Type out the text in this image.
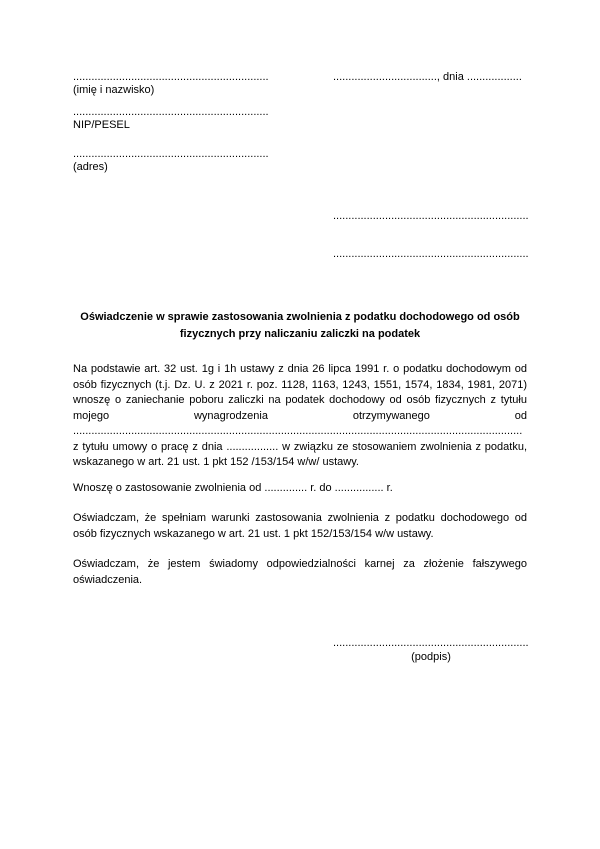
................................................................
(imię i nazwisko)
................................................................
NIP/PESEL
................................................................
(adres)
.................................., dnia ..................
................................................................
................................................................
Oświadczenie w sprawie zastosowania zwolnienia z podatku dochodowego od osób fizycznych przy naliczaniu zaliczki na podatek

Na podstawie art. 32 ust. 1g i 1h ustawy z dnia 26 lipca 1991 r. o podatku dochodowym od osób fizycznych (t.j. Dz. U. z 2021 r. poz. 1128, 1163, 1243, 1551, 1574, 1834, 1981, 2071) wnoszę o zaniechanie poboru zaliczki na podatek dochodowy od osób fizycznych z tytułu mojego wynagrodzenia otrzymywanego od ...................................................................................................................................................

z tytułu umowy o pracę z dnia ................. w związku ze stosowaniem zwolnienia z podatku, wskazanego w art. 21 ust. 1 pkt 152 /153/154 w/w/ ustawy.

Wnoszę o zastosowanie zwolnienia od .............. r. do ................ r.

Oświadczam, że spełniam warunki zastosowania zwolnienia z podatku dochodowego od osób fizycznych wskazanego w art. 21 ust. 1 pkt 152/153/154 w/w ustawy.

Oświadczam, że jestem świadomy odpowiedzialności karnej za złożenie fałszywego oświadczenia.

................................................................
(podpis)
